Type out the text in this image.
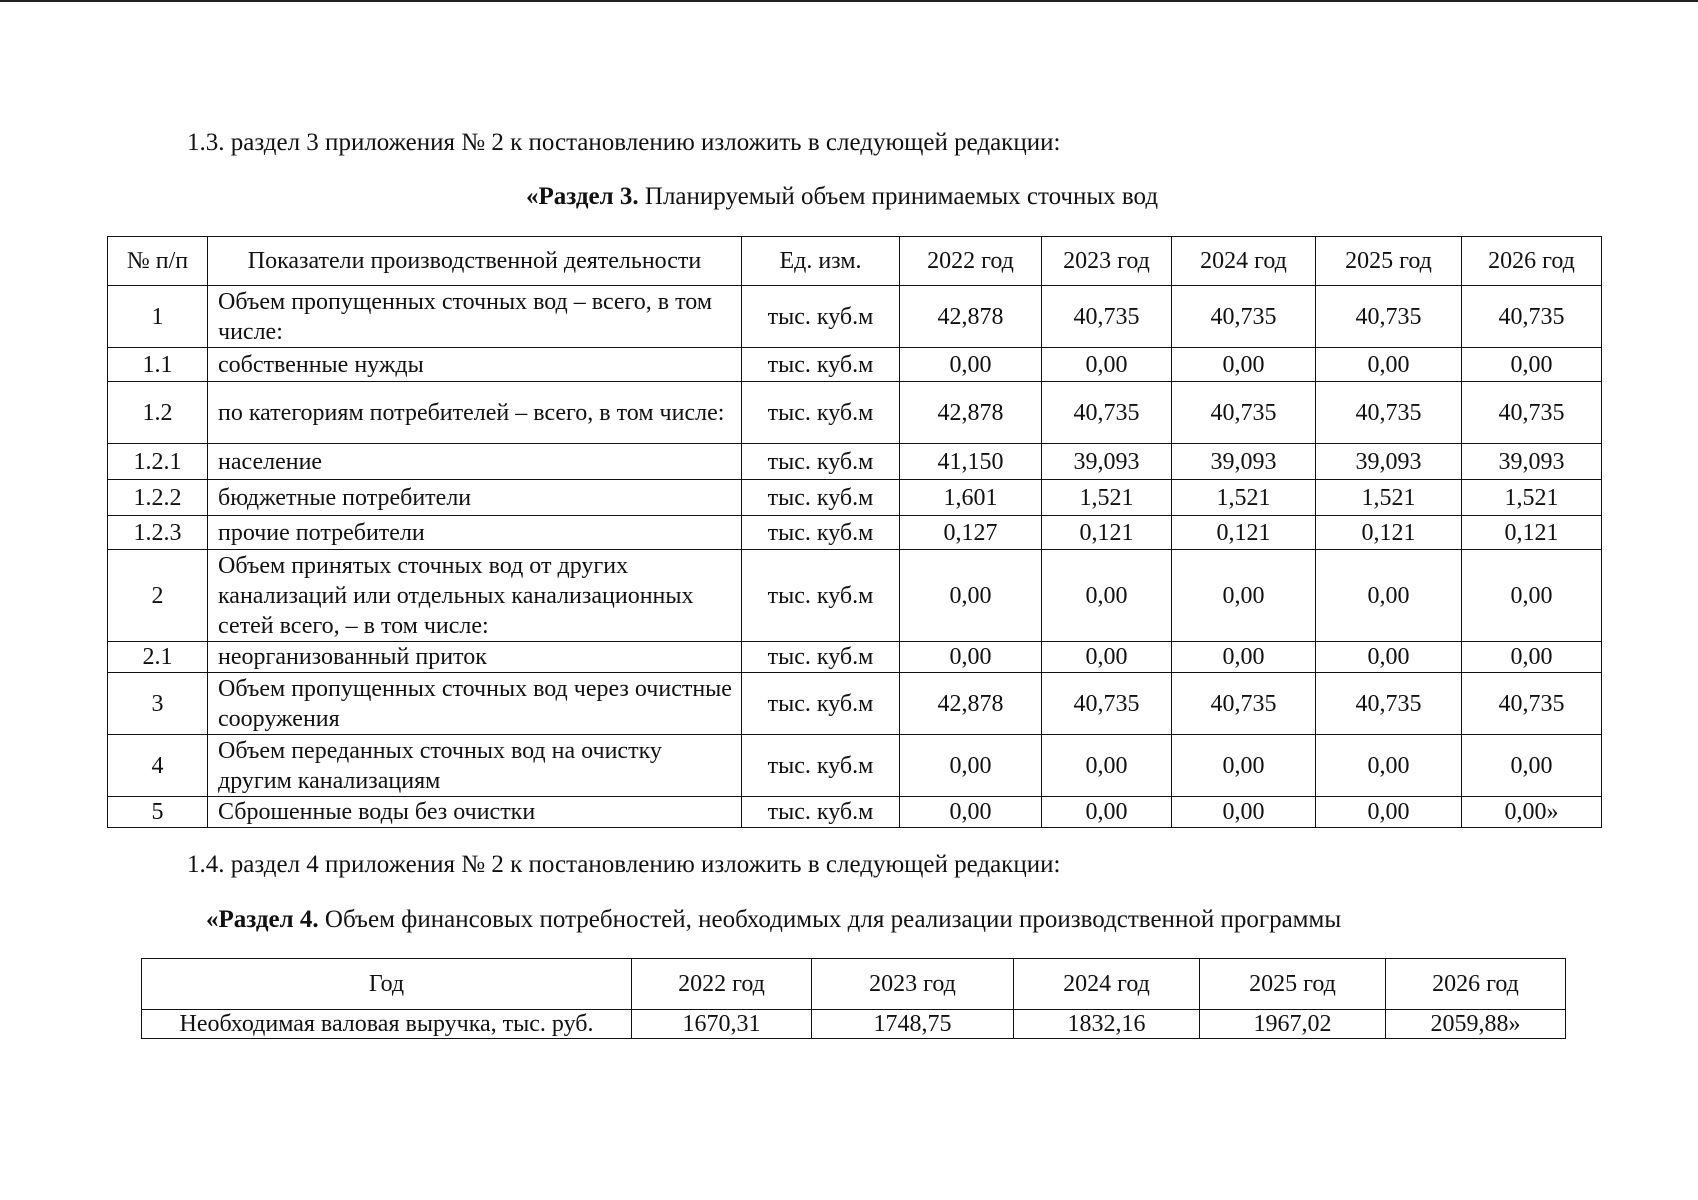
1.3. раздел 3 приложения № 2 к постановлению изложить в следующей редакции:
«Раздел 3. Планируемый объем принимаемых сточных вод
№ п/п	Показатели производственной деятельности	Ед. изм.	2022 год	2023 год	2024 год	2025 год	2026 год
1	Объем пропущенных сточных вод – всего, в том числе:	тыс. куб.м	42,878	40,735	40,735	40,735	40,735
1.1	собственные нужды	тыс. куб.м	0,00	0,00	0,00	0,00	0,00
1.2	по категориям потребителей – всего, в том числе:	тыс. куб.м	42,878	40,735	40,735	40,735	40,735
1.2.1	население	тыс. куб.м	41,150	39,093	39,093	39,093	39,093
1.2.2	бюджетные потребители	тыс. куб.м	1,601	1,521	1,521	1,521	1,521
1.2.3	прочие потребители	тыс. куб.м	0,127	0,121	0,121	0,121	0,121
2	Объем принятых сточных вод от других канализаций или отдельных канализационных сетей всего, – в том числе:	тыс. куб.м	0,00	0,00	0,00	0,00	0,00
2.1	неорганизованный приток	тыс. куб.м	0,00	0,00	0,00	0,00	0,00
3	Объем пропущенных сточных вод через очистные сооружения	тыс. куб.м	42,878	40,735	40,735	40,735	40,735
4	Объем переданных сточных вод на очистку другим канализациям	тыс. куб.м	0,00	0,00	0,00	0,00	0,00
5	Сброшенные воды без очистки	тыс. куб.м	0,00	0,00	0,00	0,00	0,00»
1.4. раздел 4 приложения № 2 к постановлению изложить в следующей редакции:
«Раздел 4. Объем финансовых потребностей, необходимых для реализации производственной программы
Год	2022 год	2023 год	2024 год	2025 год	2026 год
Необходимая валовая выручка, тыс. руб.	1670,31	1748,75	1832,16	1967,02	2059,88»
